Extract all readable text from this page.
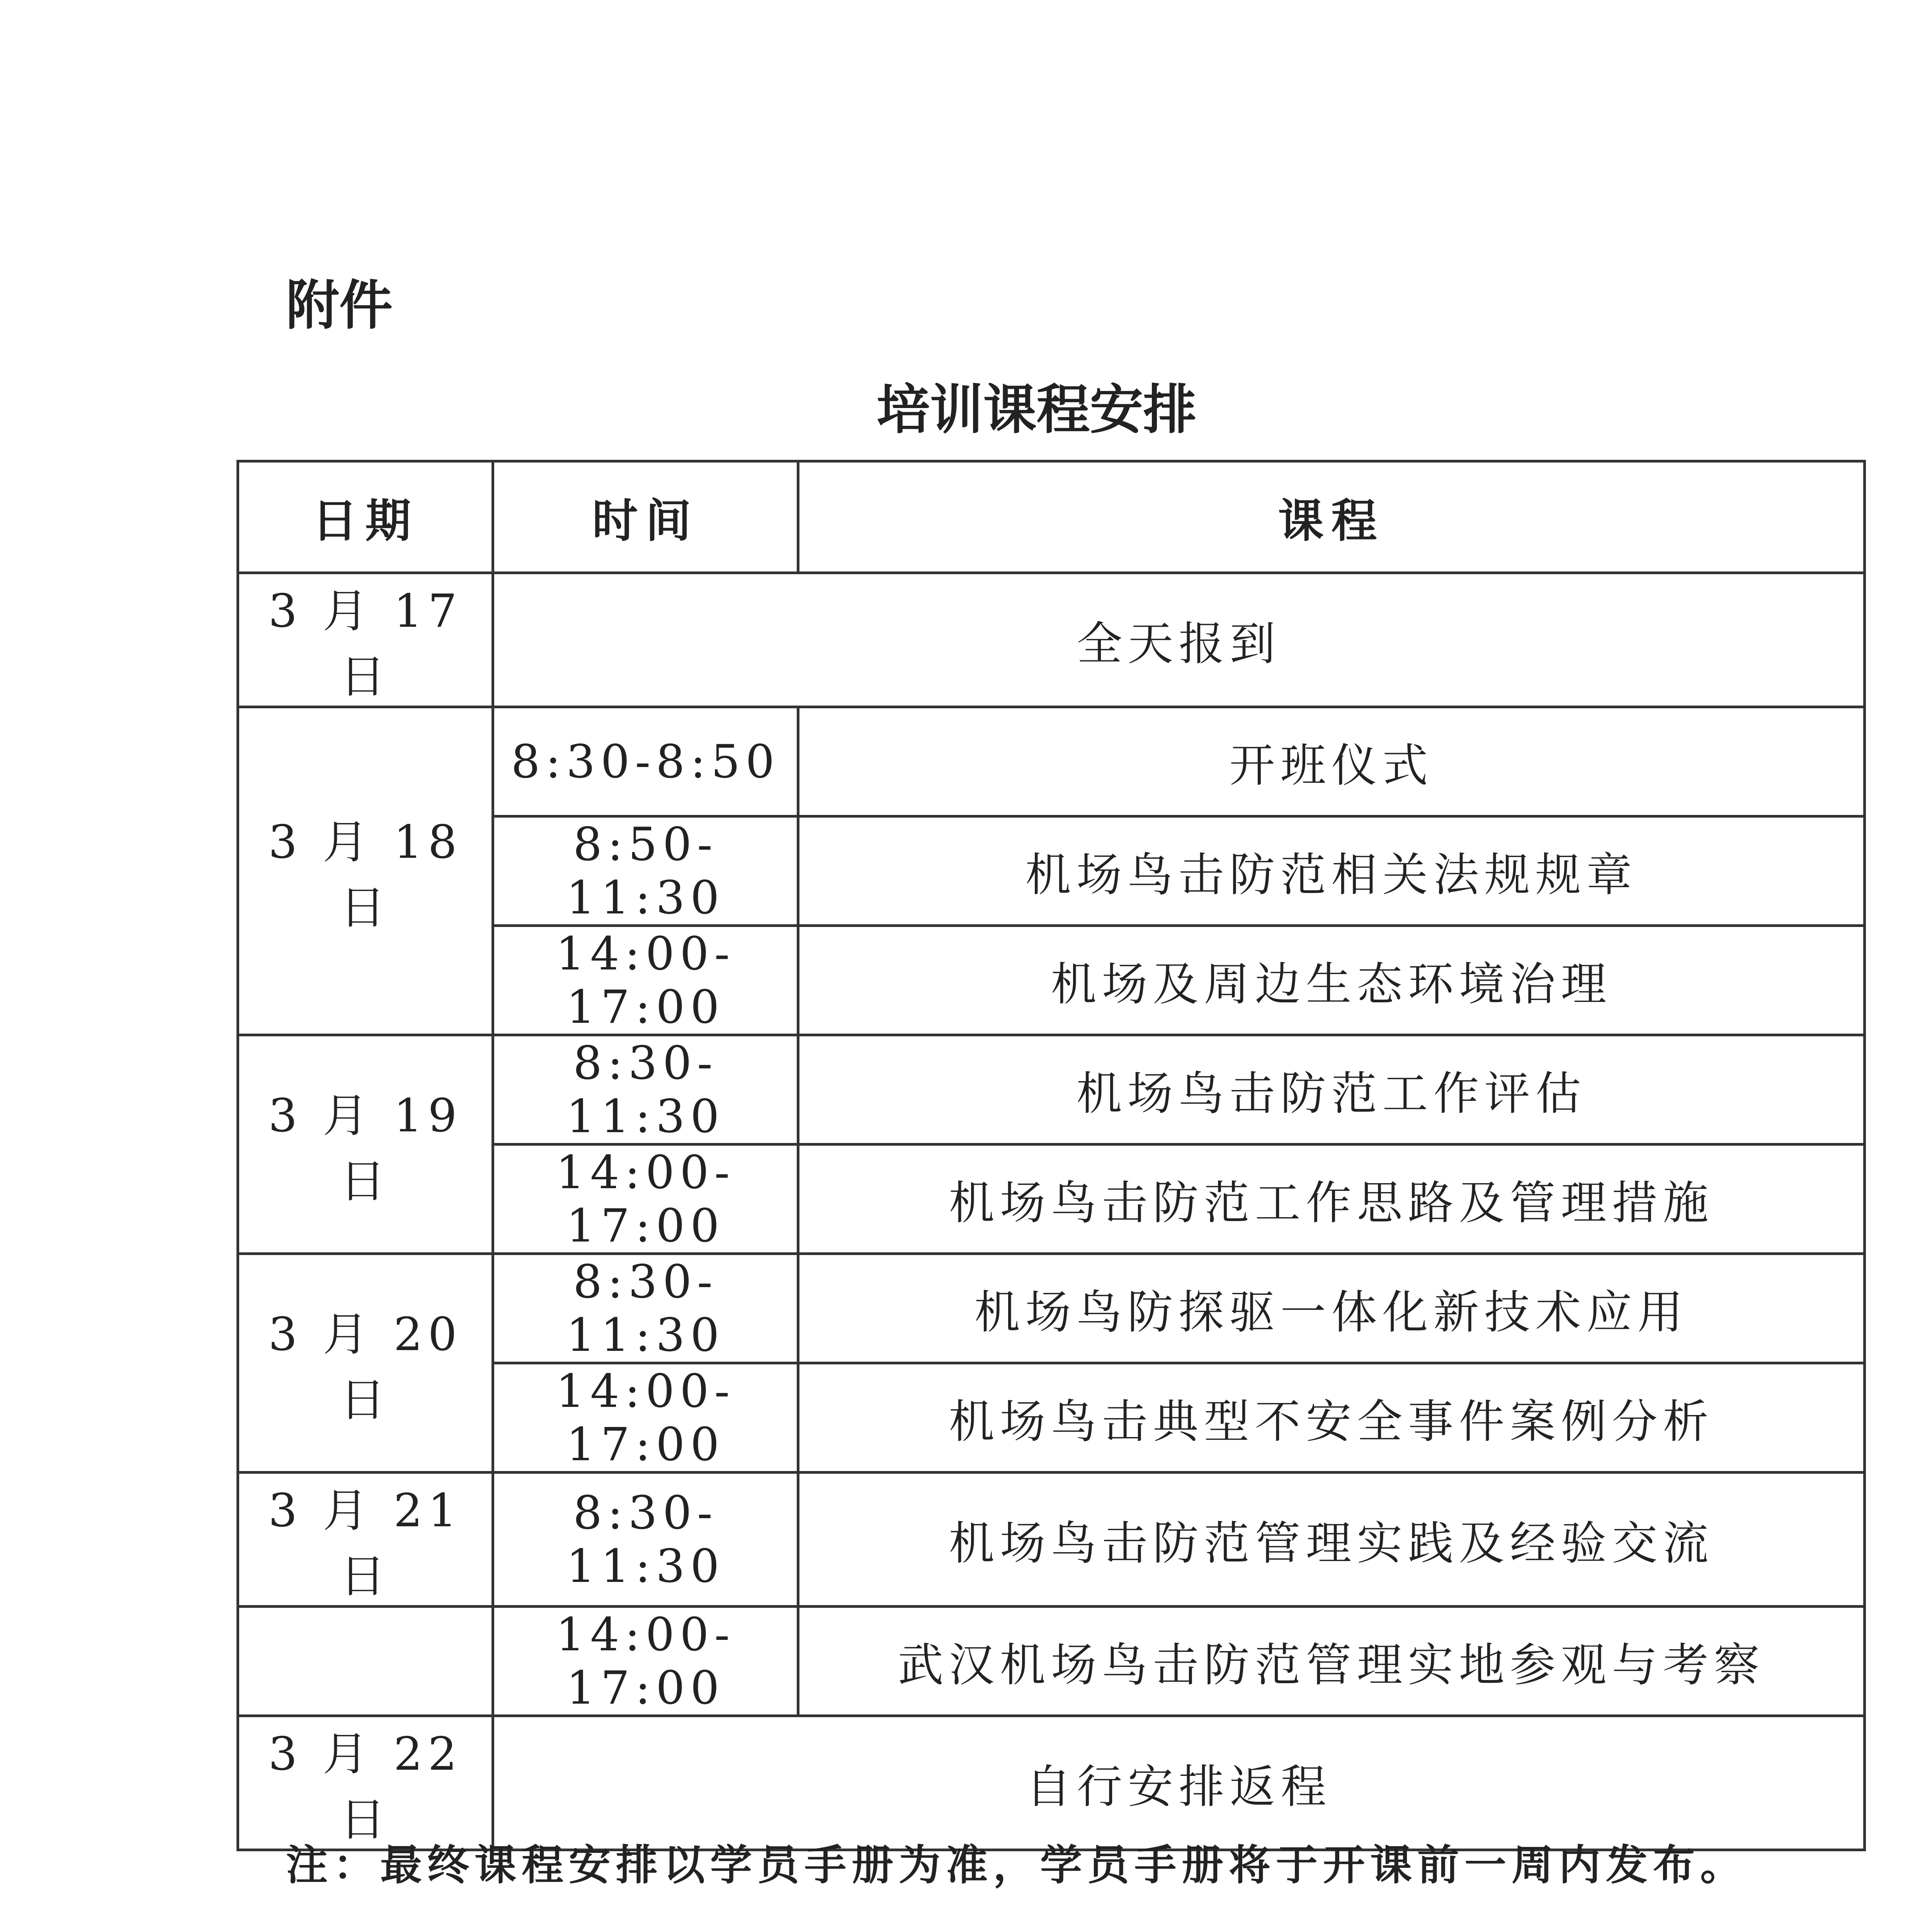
附件
培训课程安排
日期	时间	课程
3 月 17 日	全天报到	
3 月 18 日	8:30-8:50	开班仪式
	8:50-11:30	机场鸟击防范相关法规规章
	14:00-17:00	机场及周边生态环境治理
3 月 19 日	8:30-11:30	机场鸟击防范工作评估
	14:00-17:00	机场鸟击防范工作思路及管理措施
3 月 20 日	8:30-11:30	机场鸟防探驱一体化新技术应用
	14:00-17:00	机场鸟击典型不安全事件案例分析
3 月 21 日	8:30-11:30	机场鸟击防范管理实践及经验交流
	14:00-17:00	武汉机场鸟击防范管理实地参观与考察
3 月 22 日	自行安排返程	
注：最终课程安排以学员手册为准，学员手册将于开课前一周内发布。
